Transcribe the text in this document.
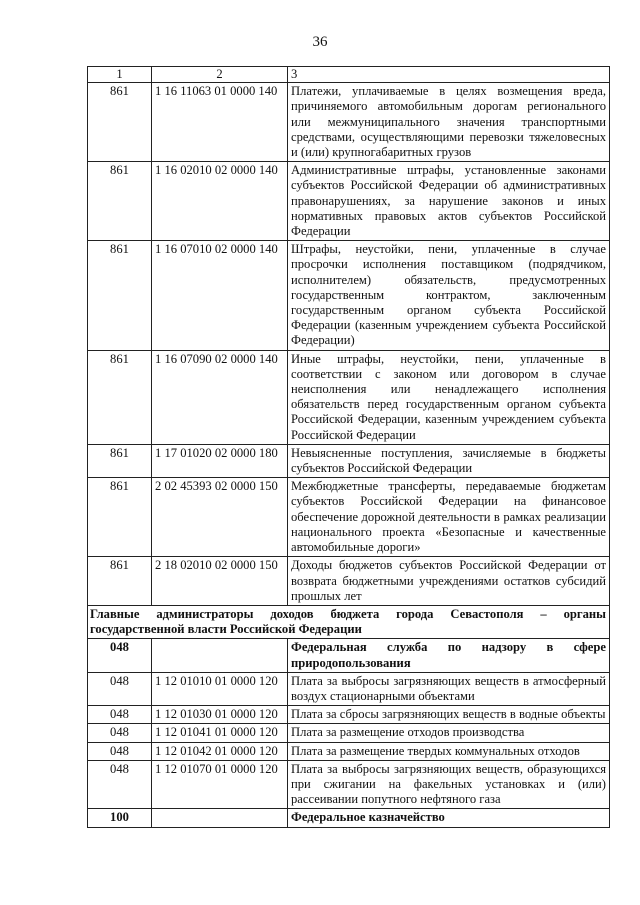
36
1	2	3
861	1 16 11063 01 0000 140	Платежи, уплачиваемые в целях возмещения вреда, причиняемого автомобильным дорогам регионального или межмуниципального значения транспортными средствами, осуществляющими перевозки тяжеловесных и (или) крупногабаритных грузов
861	1 16 02010 02 0000 140	Административные штрафы, установленные законами субъектов Российской Федерации об административных правонарушениях, за нарушение законов и иных нормативных правовых актов субъектов Российской Федерации
861	1 16 07010 02 0000 140	Штрафы, неустойки, пени, уплаченные в случае просрочки исполнения поставщиком (подрядчиком, исполнителем) обязательств, предусмотренных государственным контрактом, заключенным государственным органом субъекта Российской Федерации (казенным учреждением субъекта Российской Федерации)
861	1 16 07090 02 0000 140	Иные штрафы, неустойки, пени, уплаченные в соответствии с законом или договором в случае неисполнения или ненадлежащего исполнения обязательств перед государственным органом субъекта Российской Федерации, казенным учреждением субъекта Российской Федерации
861	1 17 01020 02 0000 180	Невыясненные поступления, зачисляемые в бюджеты субъектов Российской Федерации
861	2 02 45393 02 0000 150	Межбюджетные трансферты, передаваемые бюджетам субъектов Российской Федерации на финансовое обеспечение дорожной деятельности в рамках реализации национального проекта «Безопасные и качественные автомобильные дороги»
861	2 18 02010 02 0000 150	Доходы бюджетов субъектов Российской Федерации от возврата бюджетными учреждениями остатков субсидий прошлых лет
Главные администраторы доходов бюджета города Севастополя – органы государственной власти Российской Федерации		
048		Федеральная служба по надзору в сфере природопользования
048	1 12 01010 01 0000 120	Плата за выбросы загрязняющих веществ в атмосферный воздух стационарными объектами
048	1 12 01030 01 0000 120	Плата за сбросы загрязняющих веществ в водные объекты
048	1 12 01041 01 0000 120	Плата за размещение отходов производства
048	1 12 01042 01 0000 120	Плата за размещение твердых коммунальных отходов
048	1 12 01070 01 0000 120	Плата за выбросы загрязняющих веществ, образующихся при сжигании на факельных установках и (или) рассеивании попутного нефтяного газа
100		Федеральное казначейство
